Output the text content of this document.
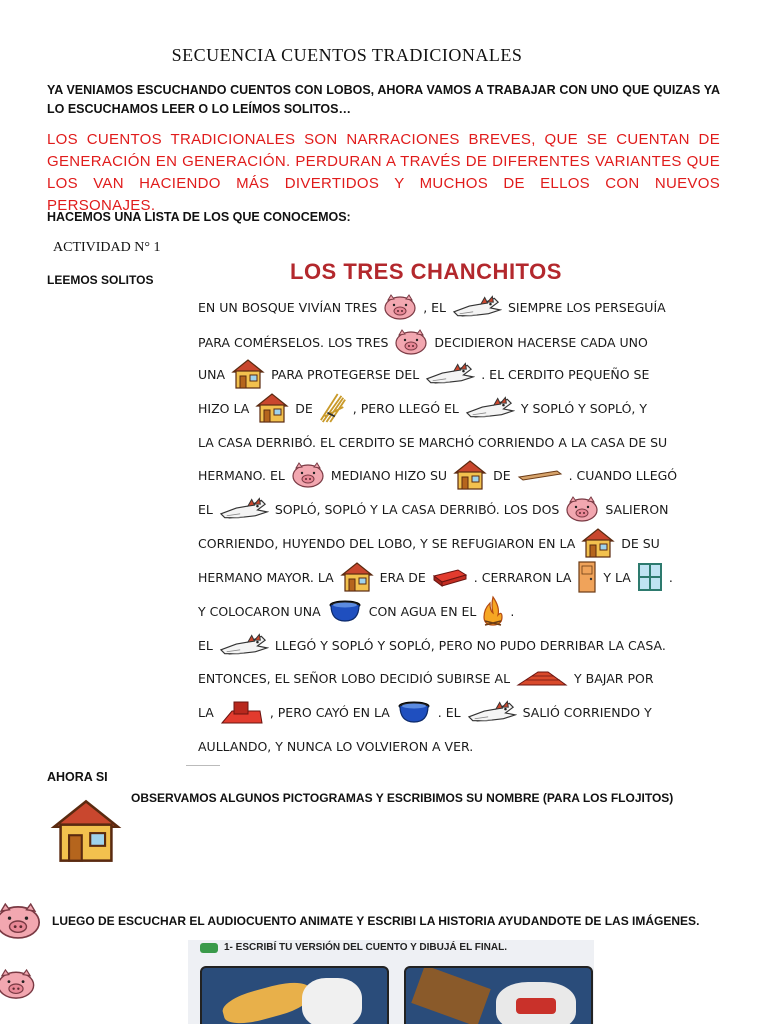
SECUENCIA CUENTOS TRADICIONALES
YA VENIAMOS ESCUCHANDO CUENTOS CON LOBOS, AHORA VAMOS A TRABAJAR CON UNO QUE QUIZAS YA LO ESCUCHAMOS LEER O LO LEÍMOS SOLITOS…
LOS CUENTOS TRADICIONALES SON NARRACIONES BREVES, QUE SE CUENTAN DE GENERACIÓN EN GENERACIÓN. PERDURAN A TRAVÉS DE DIFERENTES VARIANTES QUE LOS VAN HACIENDO MÁS DIVERTIDOS Y MUCHOS DE ELLOS CON NUEVOS PERSONAJES.
HACEMOS UNA LISTA DE LOS QUE CONOCEMOS:
ACTIVIDAD N° 1
LEEMOS SOLITOS	LOS TRES CHANCHITOS
EN UN BOSQUE VIVÍAN TRES	, EL	SIEMPRE LOS PERSEGUÍA
PARA COMÉRSELOS. LOS TRES	DECIDIERON HACERSE CADA UNO
UNA	PARA PROTEGERSE DEL	. EL CERDITO PEQUEÑO SE
HIZO LA	DE	, PERO LLEGÓ EL	Y SOPLÓ Y SOPLÓ, Y
LA CASA DERRIBÓ. EL CERDITO SE MARCHÓ CORRIENDO A LA CASA DE SU
HERMANO. EL	MEDIANO HIZO SU	DE	. CUANDO LLEGÓ
EL	SOPLÓ, SOPLÓ Y LA CASA DERRIBÓ. LOS DOS	SALIERON
CORRIENDO, HUYENDO DEL LOBO, Y SE REFUGIARON EN LA	DE SU
HERMANO MAYOR. LA	ERA DE	. CERRARON LA	Y LA	.
Y COLOCARON UNA	CON AGUA EN EL	.
EL	LLEGÓ Y SOPLÓ Y SOPLÓ, PERO NO PUDO DERRIBAR LA CASA.
ENTONCES, EL SEÑOR LOBO DECIDIÓ SUBIRSE AL	Y BAJAR POR
LA	, PERO CAYÓ EN LA	. EL	SALIÓ CORRIENDO Y
AULLANDO, Y NUNCA LO VOLVIERON A VER.
AHORA SI
OBSERVAMOS ALGUNOS PICTOGRAMAS Y ESCRIBIMOS SU NOMBRE (PARA LOS FLOJITOS)
LUEGO DE ESCUCHAR EL AUDIOCUENTO ANIMATE Y ESCRIBI LA HISTORIA AYUDANDOTE DE LAS IMÁGENES.
1- ESCRIBÍ TU VERSIÓN DEL CUENTO Y DIBUJÁ EL FINAL.
